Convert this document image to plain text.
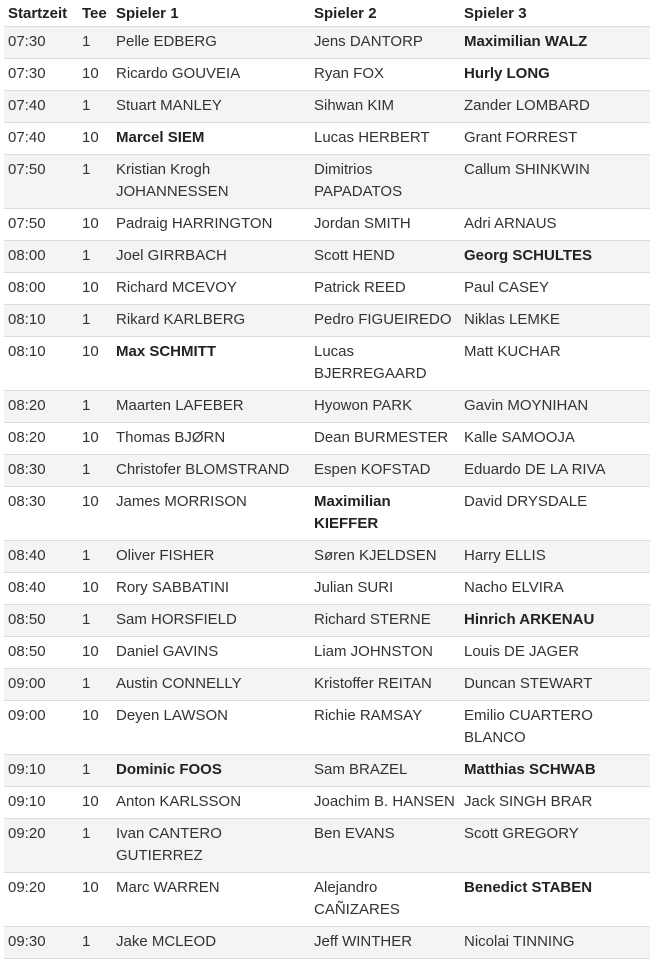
Startzeit	Tee	Spieler 1	Spieler 2	Spieler 3
07:30	1	Pelle EDBERG	Jens DANTORP	Maximilian WALZ
07:30	10	Ricardo GOUVEIA	Ryan FOX	Hurly LONG
07:40	1	Stuart MANLEY	Sihwan KIM	Zander LOMBARD
07:40	10	Marcel SIEM	Lucas HERBERT	Grant FORREST
07:50	1	Kristian Krogh JOHANNESSEN	Dimitrios PAPADATOS	Callum SHINKWIN
07:50	10	Padraig HARRINGTON	Jordan SMITH	Adri ARNAUS
08:00	1	Joel GIRRBACH	Scott HEND	Georg SCHULTES
08:00	10	Richard MCEVOY	Patrick REED	Paul CASEY
08:10	1	Rikard KARLBERG	Pedro FIGUEIREDO	Niklas LEMKE
08:10	10	Max SCHMITT	Lucas BJERREGAARD	Matt KUCHAR
08:20	1	Maarten LAFEBER	Hyowon PARK	Gavin MOYNIHAN
08:20	10	Thomas BJØRN	Dean BURMESTER	Kalle SAMOOJA
08:30	1	Christofer BLOMSTRAND	Espen KOFSTAD	Eduardo DE LA RIVA
08:30	10	James MORRISON	Maximilian KIEFFER	David DRYSDALE
08:40	1	Oliver FISHER	Søren KJELDSEN	Harry ELLIS
08:40	10	Rory SABBATINI	Julian SURI	Nacho ELVIRA
08:50	1	Sam HORSFIELD	Richard STERNE	Hinrich ARKENAU
08:50	10	Daniel GAVINS	Liam JOHNSTON	Louis DE JAGER
09:00	1	Austin CONNELLY	Kristoffer REITAN	Duncan STEWART
09:00	10	Deyen LAWSON	Richie RAMSAY	Emilio CUARTERO BLANCO
09:10	1	Dominic FOOS	Sam BRAZEL	Matthias SCHWAB
09:10	10	Anton KARLSSON	Joachim B. HANSEN	Jack SINGH BRAR
09:20	1	Ivan CANTERO GUTIERREZ	Ben EVANS	Scott GREGORY
09:20	10	Marc WARREN	Alejandro CAÑIZARES	Benedict STABEN
09:30	1	Jake MCLEOD	Jeff WINTHER	Nicolai TINNING
